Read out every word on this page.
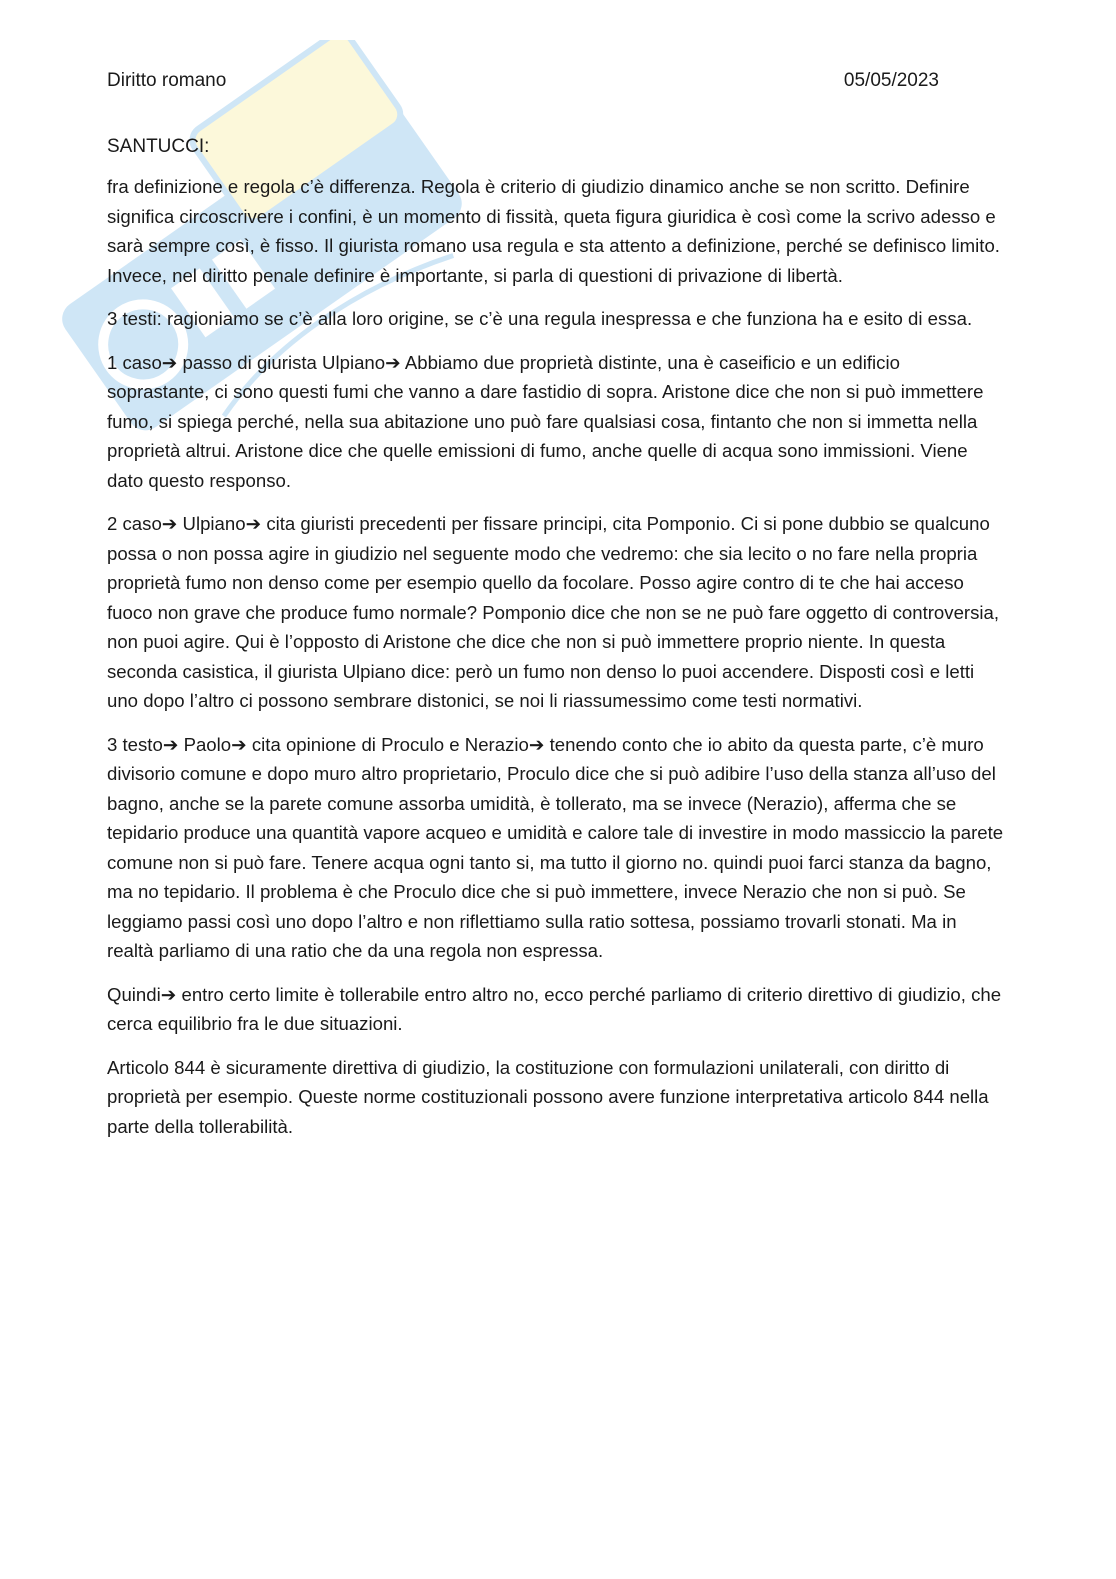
Diritto romano	05/05/2023
SANTUCCI:

fra definizione e regola c’è differenza. Regola è criterio di giudizio dinamico anche se non scritto. Definire significa circoscrivere i confini, è un momento di fissità, queta figura giuridica è così come la scrivo adesso e sarà sempre così, è fisso. Il giurista romano usa regula e sta attento a definizione, perché se definisco limito. Invece, nel diritto penale definire è importante, si parla di questioni di privazione di libertà.

3 testi: ragioniamo se c’è alla loro origine, se c’è una regula inespressa e che funziona ha e esito di essa.

1 caso➔ passo di giurista Ulpiano➔ Abbiamo due proprietà distinte, una è caseificio e un edificio soprastante, ci sono questi fumi che vanno a dare fastidio di sopra. Aristone dice che non si può immettere fumo, si spiega perché, nella sua abitazione uno può fare qualsiasi cosa, fintanto che non si immetta nella proprietà altrui. Aristone dice che quelle emissioni di fumo, anche quelle di acqua sono immissioni. Viene dato questo responso.

2 caso➔ Ulpiano➔ cita giuristi precedenti per fissare principi, cita Pomponio. Ci si pone dubbio se qualcuno possa o non possa agire in giudizio nel seguente modo che vedremo: che sia lecito o no fare nella propria proprietà fumo non denso come per esempio quello da focolare. Posso agire contro di te che hai acceso fuoco non grave che produce fumo normale? Pomponio dice che non se ne può fare oggetto di controversia, non puoi agire. Qui è l’opposto di Aristone che dice che non si può immettere proprio niente. In questa seconda casistica, il giurista Ulpiano dice: però un fumo non denso lo puoi accendere. Disposti così e letti uno dopo l’altro ci possono sembrare distonici, se noi li riassumessimo come testi normativi.

3 testo➔ Paolo➔ cita opinione di Proculo e Nerazio➔ tenendo conto che io abito da questa parte, c’è muro divisorio comune e dopo muro altro proprietario, Proculo dice che si può adibire l’uso della stanza all’uso del bagno, anche se la parete comune assorba umidità, è tollerato, ma se invece (Nerazio), afferma che se tepidario produce una quantità vapore acqueo e umidità e calore tale di investire in modo massiccio la parete comune non si può fare. Tenere acqua ogni tanto si, ma tutto il giorno no. quindi puoi farci stanza da bagno, ma no tepidario. Il problema è che Proculo dice che si può immettere, invece Nerazio che non si può. Se leggiamo passi così uno dopo l’altro e non riflettiamo sulla ratio sottesa, possiamo trovarli stonati. Ma in realtà parliamo di una ratio che da una regola non espressa.

Quindi➔ entro certo limite è tollerabile entro altro no, ecco perché parliamo di criterio direttivo di giudizio, che cerca equilibrio fra le due situazioni.

Articolo 844 è sicuramente direttiva di giudizio, la costituzione con formulazioni unilaterali, con diritto di proprietà per esempio. Queste norme costituzionali possono avere funzione interpretativa articolo 844 nella parte della tollerabilità.
